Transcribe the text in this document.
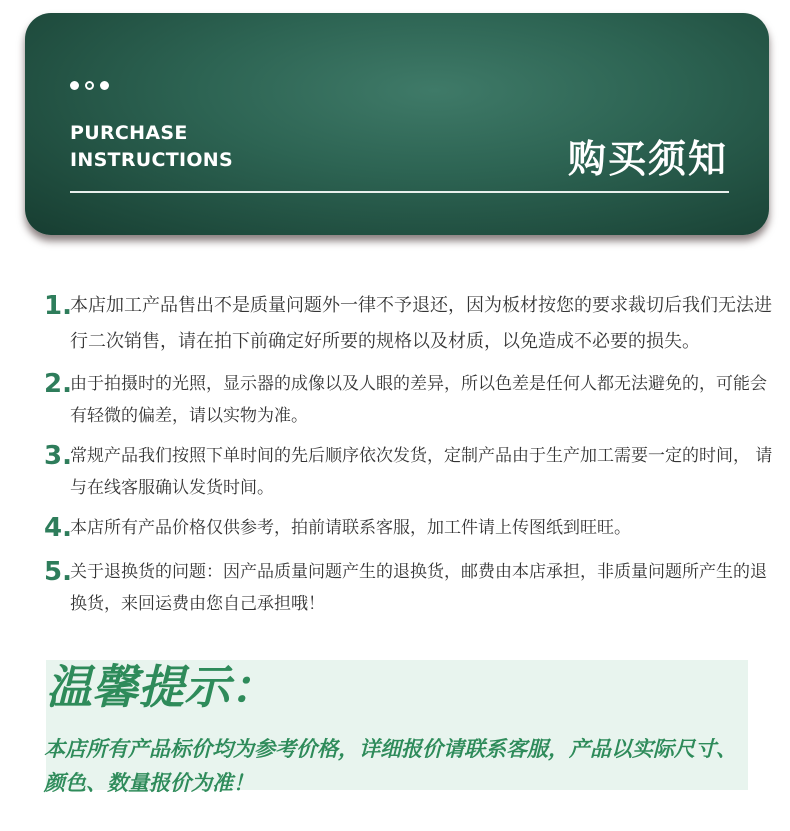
PURCHASE
INSTRUCTIONS	购买须知
1.
本店加工产品售出不是质量问题外一律不予退还，因为板材按您的要求裁切后我们无法进行二次销售，请在拍下前确定好所要的规格以及材质，以免造成不必要的损失。
2.
由于拍摄时的光照，显示器的成像以及人眼的差异，所以色差是任何人都无法避免的，可能会有轻微的偏差，请以实物为准。
3.
常规产品我们按照下单时间的先后顺序依次发货，定制产品由于生产加工需要一定的时间， 请与在线客服确认发货时间。
4.
本店所有产品价格仅供参考，拍前请联系客服，加工件请上传图纸到旺旺。
5.
关于退换货的问题：因产品质量问题产生的退换货，邮费由本店承担，非质量问题所产生的退换货，来回运费由您自己承担哦！
温馨提示：
本店所有产品标价均为参考价格，详细报价请联系客服，产品以实际尺寸、颜色、数量报价为准！
